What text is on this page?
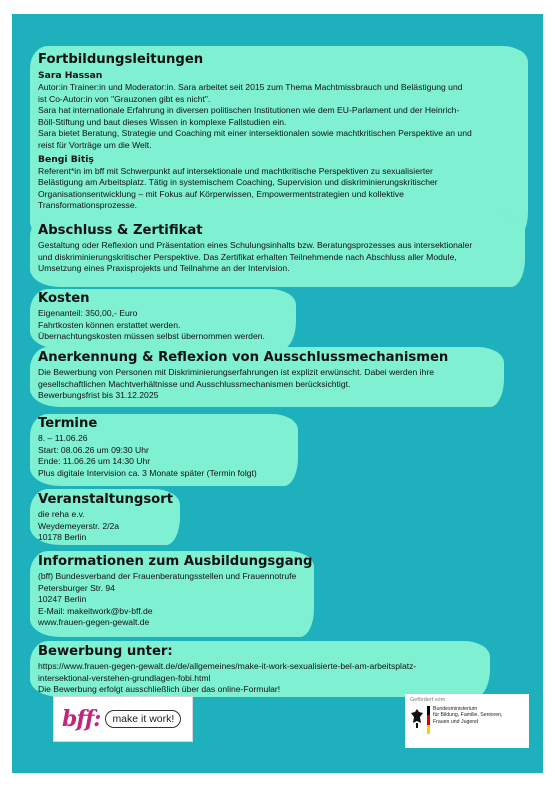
Fortbildungsleitungen

Sara Hassan

Autor:in Trainer:in und Moderator:in. Sara arbeitet seit 2015 zum Thema Machtmissbrauch und Belästigung und

ist Co-Autor:in von "Grauzonen gibt es nicht".

Sara hat internationale Erfahrung in diversen politischen Institutionen wie dem EU-Parlament und der Heinrich-

Böll-Stiftung und baut dieses Wissen in komplexe Fallstudien ein.

Sara bietet Beratung, Strategie und Coaching mit einer intersektionalen sowie machtkritischen Perspektive an und

reist für Vorträge um die Welt.

Bengi Bitiş

Referent*in im bff mit Schwerpunkt auf intersektionale und machtkritische Perspektiven zu sexualisierter

Belästigung am Arbeitsplatz. Tätig in systemischem Coaching, Supervision und diskriminierungskritischer

Organisationsentwicklung – mit Fokus auf Körperwissen, Empowermentstrategien und kollektive

Transformationsprozesse.

Abschluss & Zertifikat

Gestaltung oder Reflexion und Präsentation eines Schulungsinhalts bzw. Beratungsprozesses aus intersektionaler

und diskriminierungskritischer Perspektive. Das Zertifikat erhalten Teilnehmende nach Abschluss aller Module,

Umsetzung eines Praxisprojekts und Teilnahme an der Intervision.

Kosten

Eigenanteil: 350,00,- Euro

Fahrtkosten können erstattet werden.

Übernachtungskosten müssen selbst übernommen werden.

Anerkennung & Reflexion von Ausschlussmechanismen

Die Bewerbung von Personen mit Diskriminierungserfahrungen ist explizit erwünscht. Dabei werden ihre

gesellschaftlichen Machtverhältnisse und Ausschlussmechanismen berücksichtigt.

Bewerbungsfrist bis 31.12.2025

Termine

8. – 11.06.26

Start: 08.06.26 um 09:30 Uhr

Ende: 11.06.26 um 14:30 Uhr

Plus digitale Intervision ca. 3 Monate später (Termin folgt)

Veranstaltungsort

die reha e.v.

Weydemeyerstr. 2/2a

10178 Berlin

Informationen zum Ausbildungsgang

(bff) Bundesverband der Frauenberatungsstellen und Frauennotrufe

Petersburger Str. 94

10247 Berlin

E-Mail: makeitwork@bv-bff.de

www.frauen-gegen-gewalt.de

Bewerbung unter:

https://www.frauen-gegen-gewalt.de/de/allgemeines/make-it-work-sexualisierte-bel-am-arbeitsplatz-

intersektional-verstehen-grundlagen-fobi.html

Die Bewerbung erfolgt ausschließlich über das online-Formular!

bff:	make it work!
Gefördert vom
Bundesministerium
für Bildung, Familie, Senioren,
Frauen und Jugend
